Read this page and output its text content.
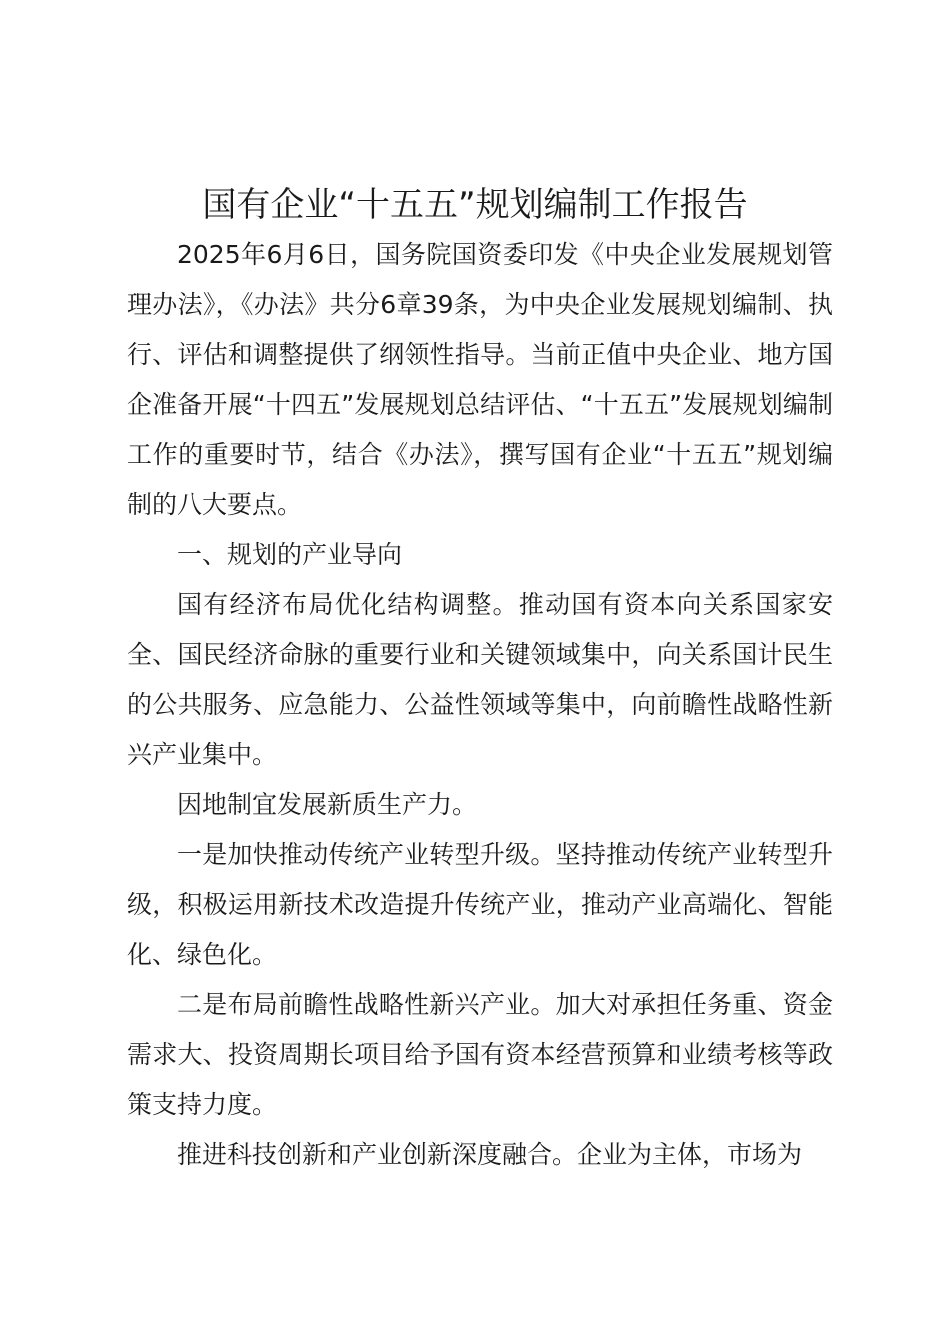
国有企业“十五五”规划编制工作报告

2025年6月6日，国务院国资委印发《中央企业发展规划管理办法》，《办法》共分6章39条，为中央企业发展规划编制、执行、评估和调整提供了纲领性指导。当前正值中央企业、地方国企准备开展“十四五”发展规划总结评估、“十五五”发展规划编制工作的重要时节，结合《办法》，撰写国有企业“十五五”规划编制的八大要点。

一、规划的产业导向

国有经济布局优化结构调整。推动国有资本向关系国家安全、国民经济命脉的重要行业和关键领域集中，向关系国计民生的公共服务、应急能力、公益性领域等集中，向前瞻性战略性新兴产业集中。

因地制宜发展新质生产力。

一是加快推动传统产业转型升级。坚持推动传统产业转型升级，积极运用新技术改造提升传统产业，推动产业高端化、智能化、绿色化。

二是布局前瞻性战略性新兴产业。加大对承担任务重、资金需求大、投资周期长项目给予国有资本经营预算和业绩考核等政策支持力度。

推进科技创新和产业创新深度融合。企业为主体，市场为
